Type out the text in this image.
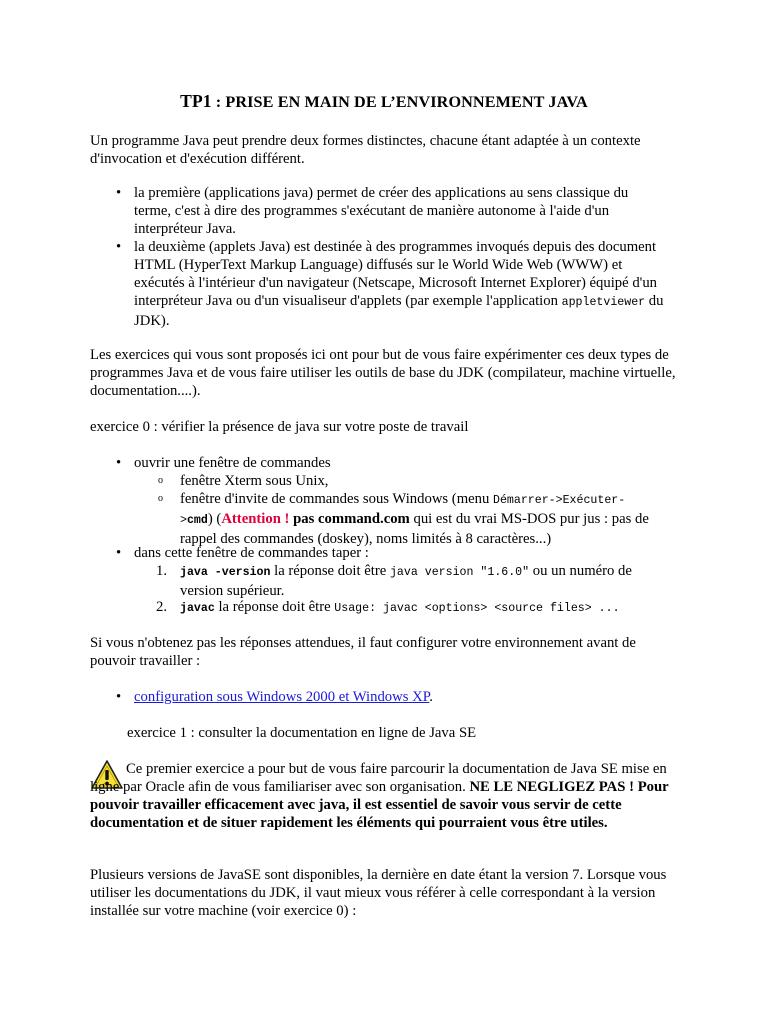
TP1 : PRISE EN MAIN DE L’ENVIRONNEMENT JAVA

Un programme Java peut prendre deux formes distinctes, chacune étant adaptée à un contexte d'invocation et d'exécution différent.

• la première (applications java) permet de créer des applications au sens classique du terme, c'est à dire des programmes s'exécutant de manière autonome à l'aide d'un interpréteur Java.

• la deuxième (applets Java) est destinée à des programmes invoqués depuis des document HTML (HyperText Markup Language) diffusés sur le World Wide Web (WWW) et exécutés à l'intérieur d'un navigateur (Netscape, Microsoft Internet Explorer) équipé d'un interpréteur Java ou d'un visualiseur d'applets (par exemple l'application appletviewer du JDK).

Les exercices qui vous sont proposés ici ont pour but de vous faire expérimenter ces deux types de programmes Java et de vous faire utiliser les outils de base du JDK (compilateur, machine virtuelle, documentation....).

exercice 0 : vérifier la présence de java sur votre poste de travail

• ouvrir une fenêtre de commandes

o fenêtre Xterm sous Unix,

o fenêtre d'invite de commandes sous Windows (menu Démarrer->Exécuter-
>cmd) (Attention ! pas command.com qui est du vrai MS-DOS pur jus : pas de rappel des commandes (doskey), noms limités à 8 caractères...)

• dans cette fenêtre de commandes taper :

1. java -version la réponse doit être java version "1.6.0" ou un numéro de version supérieur.

2. javac la réponse doit être Usage: javac <options> <source files> ...

Si vous n'obtenez pas les réponses attendues, il faut configurer votre environnement avant de pouvoir travailler :

• configuration sous Windows 2000 et Windows XP.

exercice 1 : consulter la documentation en ligne de Java SE

Ce premier exercice a pour but de vous faire parcourir la documentation de Java SE mise en ligne par Oracle afin de vous familiariser avec son organisation. NE LE NEGLIGEZ PAS ! Pour pouvoir travailler efficacement avec java, il est essentiel de savoir vous servir de cette documentation et de situer rapidement les éléments qui pourraient vous être utiles.

Plusieurs versions de JavaSE sont disponibles, la dernière en date étant la version 7. Lorsque vous utiliser les documentations du JDK, il vaut mieux vous référer à celle correspondant à la version installée sur votre machine (voir exercice 0) :
